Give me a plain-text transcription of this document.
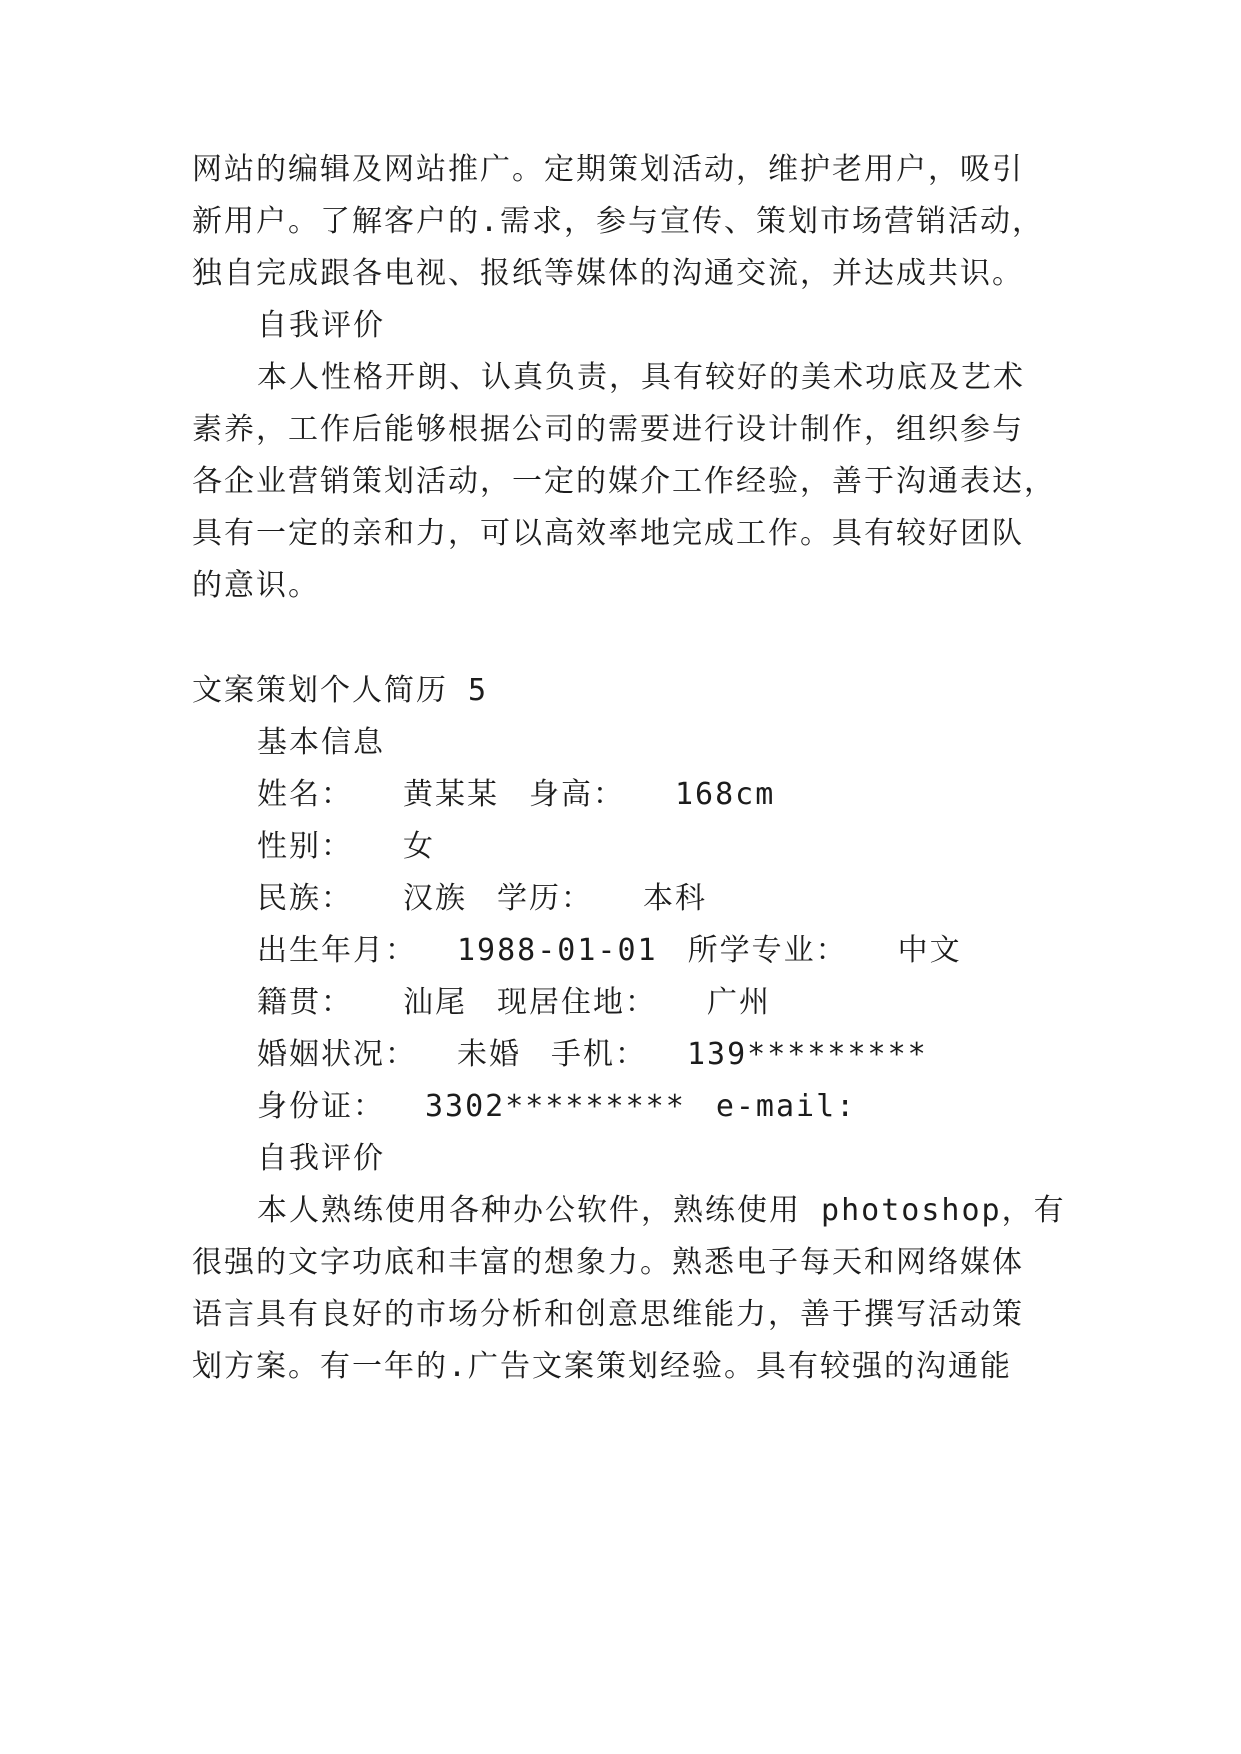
网站的编辑及网站推广。定期策划活动，维护老用户，吸引
新用户。了解客户的.需求，参与宣传、策划市场营销活动，
独自完成跟各电视、报纸等媒体的沟通交流，并达成共识。
自我评价
本人性格开朗、认真负责，具有较好的美术功底及艺术
素养，工作后能够根据公司的需要进行设计制作，组织参与
各企业营销策划活动，一定的媒介工作经验，善于沟通表达，
具有一定的亲和力，可以高效率地完成工作。具有较好团队
的意识。
文案策划个人简历 5
基本信息
姓名： 黄某某 身高： 168cm
性别： 女
民族： 汉族 学历： 本科
出生年月： 1988-01-01 所学专业： 中文
籍贯： 汕尾 现居住地： 广州
婚姻状况： 未婚 手机： 139*********
身份证： 3302********* e-mail:
自我评价
本人熟练使用各种办公软件，熟练使用 photoshop，有
很强的文字功底和丰富的想象力。熟悉电子每天和网络媒体
语言具有良好的市场分析和创意思维能力，善于撰写活动策
划方案。有一年的.广告文案策划经验。具有较强的沟通能
